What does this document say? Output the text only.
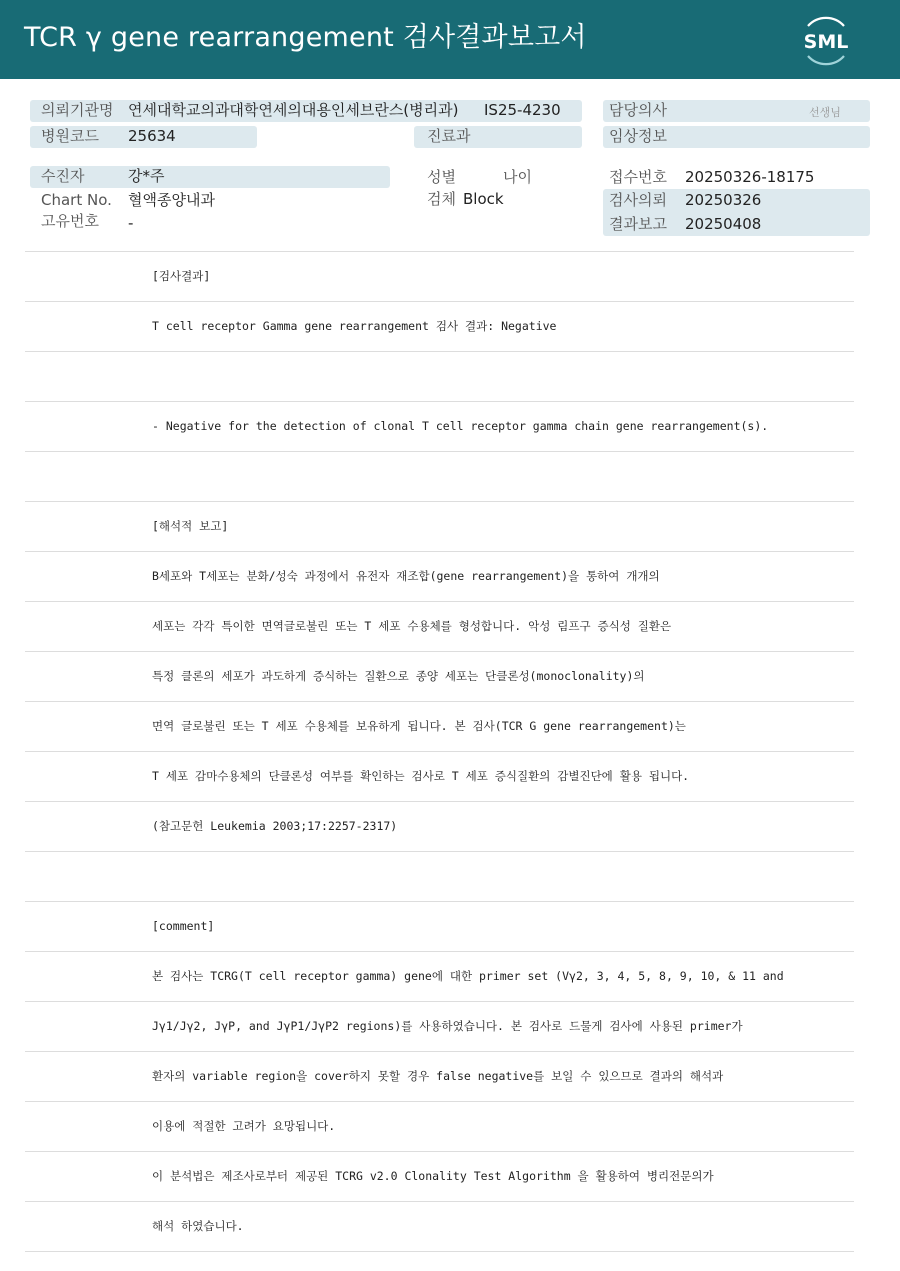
TCR γ gene rearrangement 검사결과보고서	SML
의뢰기관명 연세대학교의과대학연세의대용인세브란스(병리과) IS25-4230	담당의사	선생님
병원코드 25634	진료과	임상정보
수진자	강*주	성별	나이	접수번호 20250326-18175
Chart No. 혈액종양내과	검체 Block	검사의뢰 20250326
고유번호 -	결과보고 20250408
[검사결과]
T cell receptor Gamma gene rearrangement 검사 결과: Negative
- Negative for the detection of clonal T cell receptor gamma chain gene rearrangement(s).
[해석적 보고]
B세포와 T세포는 분화/성숙 과정에서 유전자 재조합(gene rearrangement)을 통하여 개개의
세포는 각각 특이한 면역글로불린 또는 T 세포 수용체를 형성합니다. 악성 림프구 증식성 질환은
특정 클론의 세포가 과도하게 증식하는 질환으로 종양 세포는 단클론성(monoclonality)의
면역 글로불린 또는 T 세포 수용체를 보유하게 됩니다. 본 검사(TCR G gene rearrangement)는
T 세포 감마수용체의 단클론성 여부를 확인하는 검사로 T 세포 증식질환의 감별진단에 활용 됩니다.
(참고문헌 Leukemia 2003;17:2257-2317)
[comment]
본 검사는 TCRG(T cell receptor gamma) gene에 대한 primer set (Vγ2, 3, 4, 5, 8, 9, 10, & 11 and
Jγ1/Jγ2, JγP, and JγP1/JγP2 regions)를 사용하였습니다. 본 검사로 드물게 검사에 사용된 primer가
환자의 variable region을 cover하지 못할 경우 false negative를 보일 수 있으므로 결과의 해석과
이용에 적절한 고려가 요망됩니다.
이 분석법은 제조사로부터 제공된 TCRG v2.0 Clonality Test Algorithm 을 활용하여 병리전문의가
해석 하였습니다.
